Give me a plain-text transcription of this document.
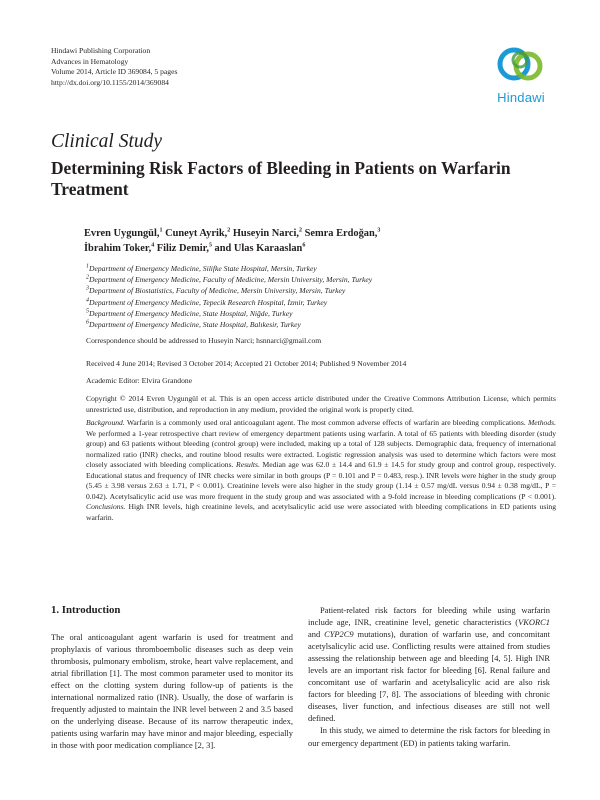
Hindawi Publishing Corporation
Advances in Hematology
Volume 2014, Article ID 369084, 5 pages
http://dx.doi.org/10.1155/2014/369084
Hindawi
Clinical Study
Determining Risk Factors of Bleeding in Patients on Warfarin Treatment
Evren Uygungül,$^1$ Cuneyt Ayrik,$^2$ Huseyin Narci,$^2$ Semra Erdoğan,$^3$
İbrahim Toker,$^4$ Filiz Demir,$^5$ and Ulas Karaaslan$^6$
$^1$Department of Emergency Medicine, Silifke State Hospital, Mersin, Turkey
$^2$Department of Emergency Medicine, Faculty of Medicine, Mersin University, Mersin, Turkey
$^3$Department of Biostatistics, Faculty of Medicine, Mersin University, Mersin, Turkey
$^4$Department of Emergency Medicine, Tepecik Research Hospital, İzmir, Turkey
$^5$Department of Emergency Medicine, State Hospital, Niğde, Turkey
$^6$Department of Emergency Medicine, State Hospital, Balıkesir, Turkey
Correspondence should be addressed to Huseyin Narci; hsnnarci@gmail.com
Received 4 June 2014; Revised 3 October 2014; Accepted 21 October 2014; Published 9 November 2014
Academic Editor: Elvira Grandone
Copyright © 2014 Evren Uygungül et al. This is an open access article distributed under the Creative Commons Attribution License, which permits unrestricted use, distribution, and reproduction in any medium, provided the original work is properly cited.
Background. Warfarin is a commonly used oral anticoagulant agent. The most common adverse effects of warfarin are bleeding complications. Methods. We performed a 1-year retrospective chart review of emergency department patients using warfarin. A total of 65 patients with bleeding disorder (study group) and 63 patients without bleeding (control group) were included, making up a total of 128 subjects. Demographic data, frequency of international normalized ratio (INR) checks, and routine blood results were extracted. Logistic regression analysis was used to determine which factors were most closely associated with bleeding complications. Results. Median age was 62.0 ± 14.4 and 61.9 ± 14.5 for study group and control group, respectively. Educational status and frequency of INR checks were similar in both groups (P = 0.101 and P = 0.483, resp.). INR levels were higher in the study group (5.45 ± 3.98 versus 2.63 ± 1.71, P < 0.001). Creatinine levels were also higher in the study group (1.14 ± 0.57 mg/dL versus 0.94 ± 0.38 mg/dL, P = 0.042). Acetylsalicylic acid use was more frequent in the study group and was associated with a 9-fold increase in bleeding complications (P < 0.001). Conclusions. High INR levels, high creatinine levels, and acetylsalicylic acid use were associated with bleeding complications in ED patients using warfarin.
1. Introduction

The oral anticoagulant agent warfarin is used for treatment and prophylaxis of various thromboembolic diseases such as deep vein thrombosis, pulmonary embolism, stroke, heart valve replacement, and atrial fibrillation [1]. The most common parameter used to monitor its effect on the clotting system during follow-up of patients is the international normalized ratio (INR). Usually, the dose of warfarin is frequently adjusted to maintain the INR level between 2 and 3.5 based on the underlying disease. Because of its narrow therapeutic index, patients using warfarin may have minor and major bleeding, especially in those with poor medication compliance [2, 3].

Patient-related risk factors for bleeding while using warfarin include age, INR, creatinine level, genetic characteristics (VKORC1 and CYP2C9 mutations), duration of warfarin use, and concomitant acetylsalicylic acid use. Conflicting results were attained from studies assessing the relationship between age and bleeding [4, 5]. High INR levels are an important risk factor for bleeding [6]. Renal failure and concomitant use of warfarin and acetylsalicylic acid are also risk factors for bleeding [7, 8]. The associations of bleeding with chronic diseases, liver function, and infectious diseases are still not well defined.

In this study, we aimed to determine the risk factors for bleeding in our emergency department (ED) in patients taking warfarin.
